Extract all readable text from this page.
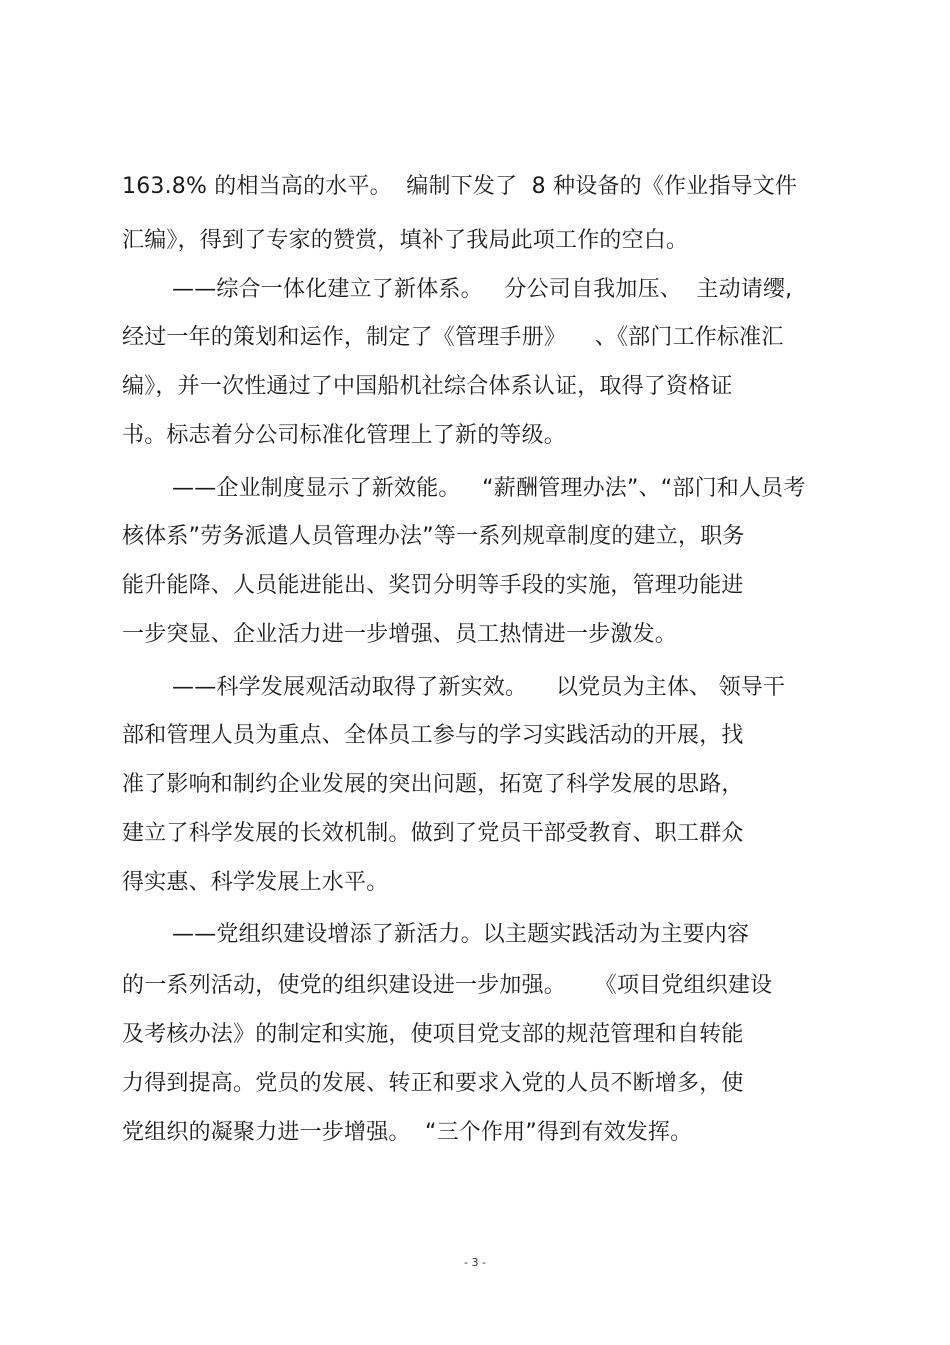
163.8% 的相当高的水平。  编制下发了  8 种设备的《作业指导文件
汇编》，得到了专家的赞赏，填补了我局此项工作的空白。
——综合一体化建立了新体系。   分公司自我加压、  主动请缨,
经过一年的策划和运作，制定了《管理手册》    、《部门工作标准汇
编》，并一次性通过了中国船机社综合体系认证，取得了资格证
书。标志着分公司标准化管理上了新的等级。
——企业制度显示了新效能。   “薪酬管理办法”、“部门和人员考
核体系”劳务派遣人员管理办法”等一系列规章制度的建立，职务
能升能降、人员能进能出、奖罚分明等手段的实施，管理功能进
一步突显、企业活力进一步增强、员工热情进一步激发。
——科学发展观活动取得了新实效。    以党员为主体、 领导干
部和管理人员为重点、全体员工参与的学习实践活动的开展，找
准了影响和制约企业发展的突出问题，拓宽了科学发展的思路，
建立了科学发展的长效机制。做到了党员干部受教育、职工群众
得实惠、科学发展上水平。
——党组织建设增添了新活力。以主题实践活动为主要内容
的一系列活动，使党的组织建设进一步加强。    《项目党组织建设
及考核办法》的制定和实施，使项目党支部的规范管理和自转能
力得到提高。党员的发展、转正和要求入党的人员不断增多，使
党组织的凝聚力进一步增强。  “三个作用”得到有效发挥。
- 3 -
